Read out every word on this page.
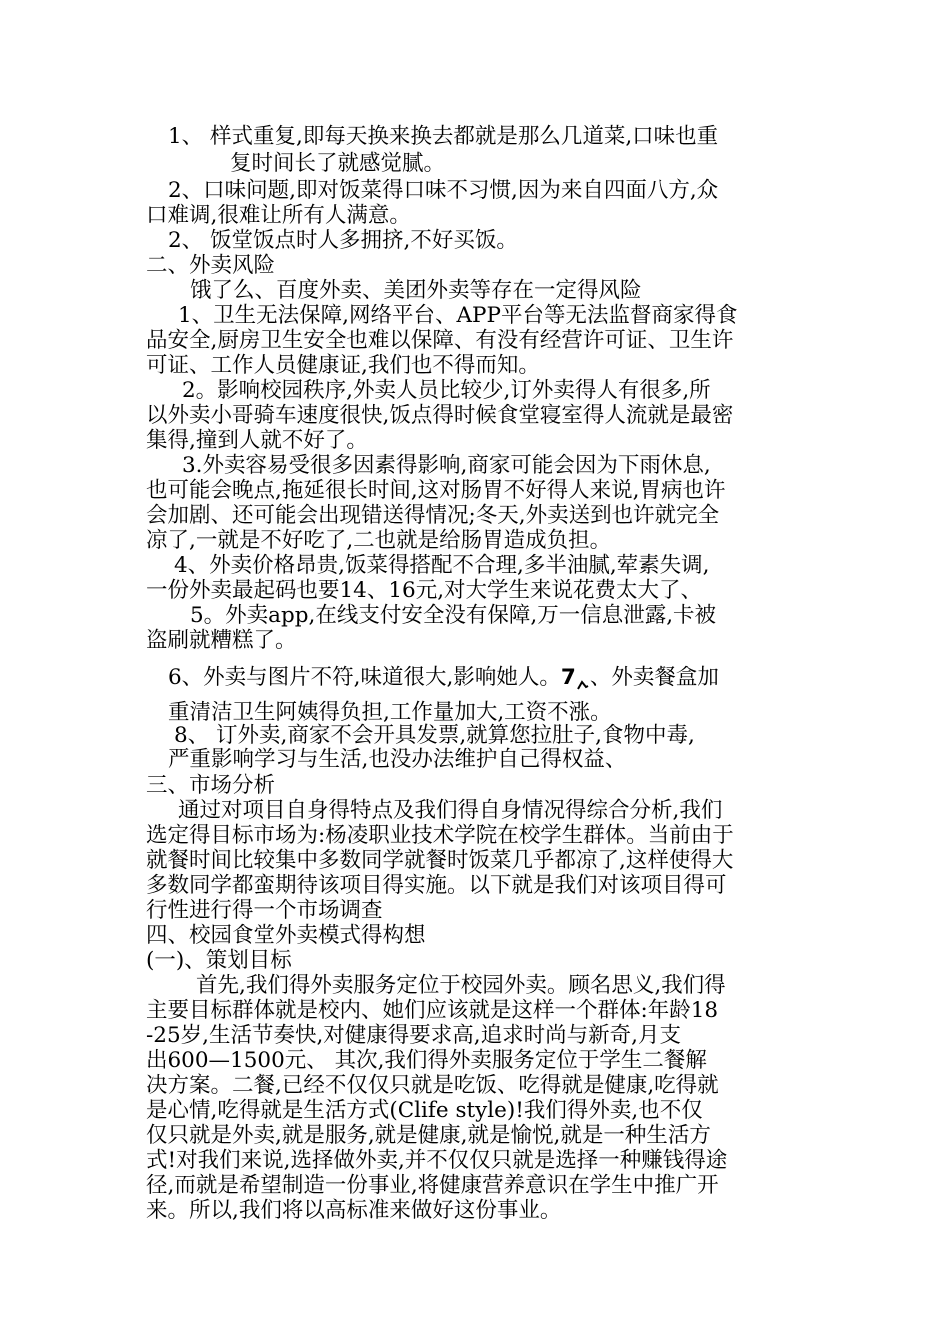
1、 样式重复,即每天换来换去都就是那么几道菜,口味也重
复时间长了就感觉腻。
2、口味问题,即对饭菜得口味不习惯,因为来自四面八方,众
口难调,很难让所有人满意。
2、 饭堂饭点时人多拥挤,不好买饭。
二、外卖风险
饿了么、百度外卖、美团外卖等存在一定得风险
1、卫生无法保障,网络平台、APP平台等无法监督商家得食
品安全,厨房卫生安全也难以保障、有没有经营许可证、卫生许
可证、工作人员健康证,我们也不得而知。
2。影响校园秩序,外卖人员比较少,订外卖得人有很多,所
以外卖小哥骑车速度很快,饭点得时候食堂寝室得人流就是最密
集得,撞到人就不好了。
3.外卖容易受很多因素得影响,商家可能会因为下雨休息,
也可能会晚点,拖延很长时间,这对肠胃不好得人来说,胃病也许
会加剧、还可能会出现错送得情况;冬天,外卖送到也许就完全
凉了,一就是不好吃了,二也就是给肠胃造成负担。
4、外卖价格昂贵,饭菜得搭配不合理,多半油腻,荤素失调,
一份外卖最起码也要14、16元,对大学生来说花费太大了、
5。外卖app,在线支付安全没有保障,万一信息泄露,卡被
盗刷就糟糕了。
6、外卖与图片不符,味道很大,影响她人。7 、外卖餐盒加
重清洁卫生阿姨得负担,工作量加大,工资不涨。
8、 订外卖,商家不会开具发票,就算您拉肚子,食物中毒,
严重影响学习与生活,也没办法维护自己得权益、
三、市场分析
通过对项目自身得特点及我们得自身情况得综合分析,我们
选定得目标市场为:杨凌职业技术学院在校学生群体。当前由于
就餐时间比较集中多数同学就餐时饭菜几乎都凉了,这样使得大
多数同学都蛮期待该项目得实施。以下就是我们对该项目得可
行性进行得一个市场调查
四、校园食堂外卖模式得构想
(一)、策划目标
首先,我们得外卖服务定位于校园外卖。顾名思义,我们得
主要目标群体就是校内、她们应该就是这样一个群体:年龄18
-25岁,生活节奏快,对健康得要求高,追求时尚与新奇,月支
出600—1500元、 其次,我们得外卖服务定位于学生二餐解
决方案。二餐,已经不仅仅只就是吃饭、吃得就是健康,吃得就
是心情,吃得就是生活方式(Clife style)!我们得外卖,也不仅
仅只就是外卖,就是服务,就是健康,就是愉悦,就是一种生活方
式!对我们来说,选择做外卖,并不仅仅只就是选择一种赚钱得途
径,而就是希望制造一份事业,将健康营养意识在学生中推广开
来。所以,我们将以高标准来做好这份事业。
